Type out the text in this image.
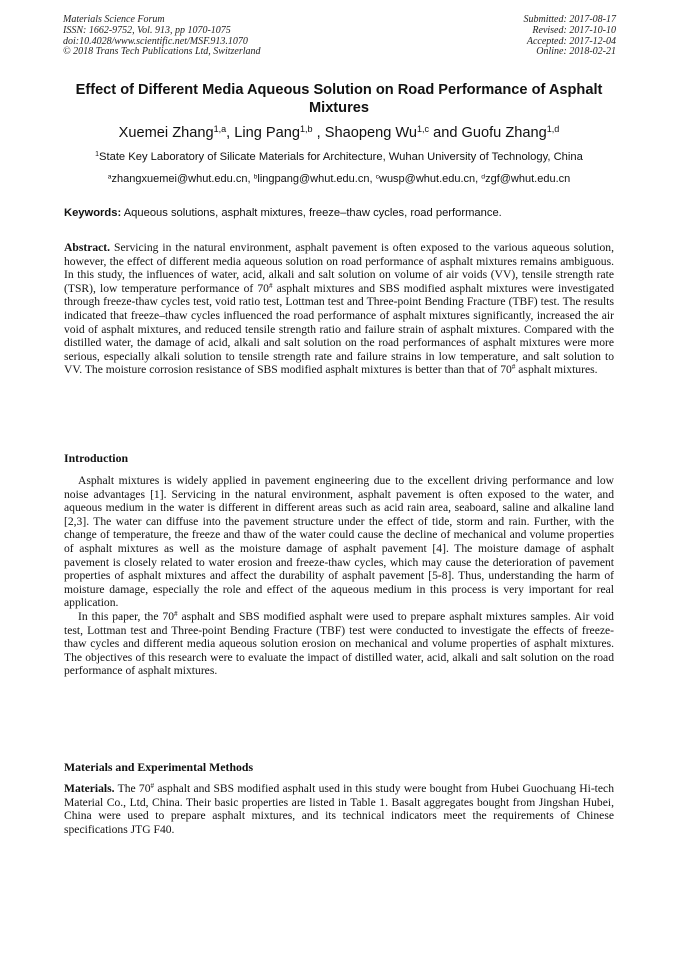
Materials Science Forum
ISSN: 1662-9752, Vol. 913, pp 1070-1075
doi:10.4028/www.scientific.net/MSF.913.1070
© 2018 Trans Tech Publications Ltd, Switzerland
Submitted: 2017-08-17
Revised: 2017-10-10
Accepted: 2017-12-04
Online: 2018-02-21
Effect of Different Media Aqueous Solution on Road Performance of Asphalt Mixtures
Xuemei Zhang$^{1,a}$, Ling Pang$^{1,b}$ , Shaopeng Wu$^{1,c}$ and Guofu Zhang$^{1,d}$
$^1$State Key Laboratory of Silicate Materials for Architecture, Wuhan University of Technology, China
$^a$zhangxuemei@whut.edu.cn, $^b$lingpang@whut.edu.cn, $^c$wusp@whut.edu.cn, $^d$zgf@whut.edu.cn
Keywords: Aqueous solutions, asphalt mixtures, freeze–thaw cycles, road performance.

Abstract. Servicing in the natural environment, asphalt pavement is often exposed to the various aqueous solution, however, the effect of different media aqueous solution on road performance of asphalt mixtures remains ambiguous. In this study, the influences of water, acid, alkali and salt solution on volume of air voids (VV), tensile strength rate (TSR), low temperature performance of 70# asphalt mixtures and SBS modified asphalt mixtures were investigated through freeze-thaw cycles test, void ratio test, Lottman test and Three-point Bending Fracture (TBF) test. The results indicated that freeze–thaw cycles influenced the road performance of asphalt mixtures significantly, increased the air void of asphalt mixtures, and reduced tensile strength ratio and failure strain of asphalt mixtures. Compared with the distilled water, the damage of acid, alkali and salt solution on the road performances of asphalt mixtures were more serious, especially alkali solution to tensile strength rate and failure strains in low temperature, and salt solution to VV. The moisture corrosion resistance of SBS modified asphalt mixtures is better than that of 70# asphalt mixtures.

Introduction

Asphalt mixtures is widely applied in pavement engineering due to the excellent driving performance and low noise advantages [1]. Servicing in the natural environment, asphalt pavement is often exposed to the water, and aqueous medium in the water is different in different areas such as acid rain area, seaboard, saline and alkaline land [2,3]. The water can diffuse into the pavement structure under the effect of tide, storm and rain. Further, with the change of temperature, the freeze and thaw of the water could cause the decline of mechanical and volume properties of asphalt mixtures as well as the moisture damage of asphalt pavement [4]. The moisture damage of asphalt pavement is closely related to water erosion and freeze-thaw cycles, which may cause the deterioration of pavement properties of asphalt mixtures and affect the durability of asphalt pavement [5-8]. Thus, understanding the harm of moisture damage, especially the role and effect of the aqueous medium in this process is very important for real application.

In this paper, the 70# asphalt and SBS modified asphalt were used to prepare asphalt mixtures samples. Air void test, Lottman test and Three-point Bending Fracture (TBF) test were conducted to investigate the effects of freeze-thaw cycles and different media aqueous solution erosion on mechanical and volume properties of asphalt mixtures. The objectives of this research were to evaluate the impact of distilled water, acid, alkali and salt solution on the road performance of asphalt mixtures.

Materials and Experimental Methods

Materials. The 70# asphalt and SBS modified asphalt used in this study were bought from Hubei Guochuang Hi-tech Material Co., Ltd, China. Their basic properties are listed in Table 1. Basalt aggregates bought from Jingshan Hubei, China were used to prepare asphalt mixtures, and its technical indicators meet the requirements of Chinese specifications JTG F40.
